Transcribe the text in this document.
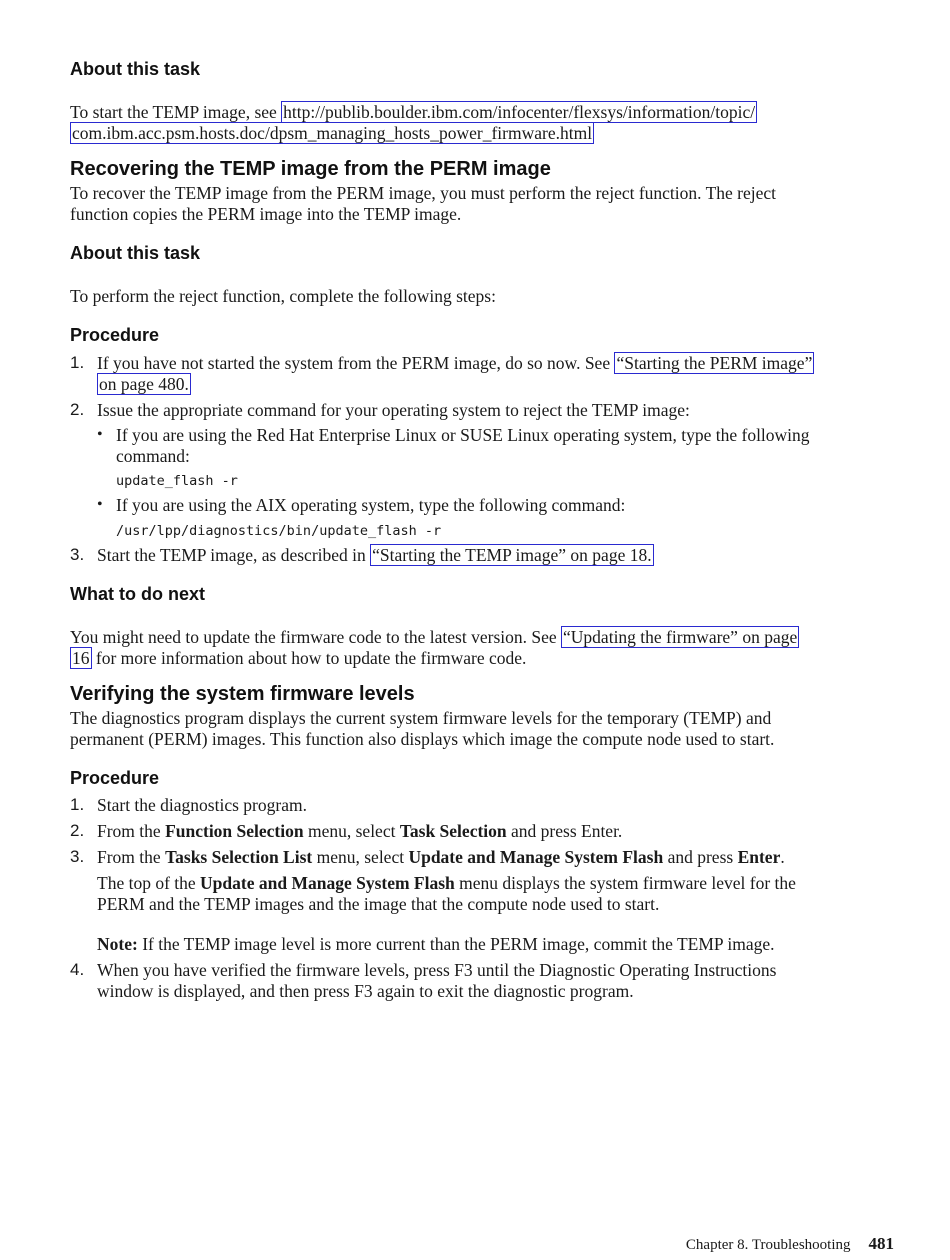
About this task
To start the TEMP image, see http://publib.boulder.ibm.com/infocenter/flexsys/information/topic/
com.ibm.acc.psm.hosts.doc/dpsm_managing_hosts_power_firmware.html
Recovering the TEMP image from the PERM image
To recover the TEMP image from the PERM image, you must perform the reject function. The reject
function copies the PERM image into the TEMP image.
About this task
To perform the reject function, complete the following steps:
Procedure
1. If you have not started the system from the PERM image, do so now. See “Starting the PERM image”
on page 480.
2. Issue the appropriate command for your operating system to reject the TEMP image:
• If you are using the Red Hat Enterprise Linux or SUSE Linux operating system, type the following
command:
update_flash -r
• If you are using the AIX operating system, type the following command:
/usr/lpp/diagnostics/bin/update_flash -r
3. Start the TEMP image, as described in “Starting the TEMP image” on page 18.
What to do next
You might need to update the firmware code to the latest version. See “Updating the firmware” on page
16 for more information about how to update the firmware code.
Verifying the system firmware levels
The diagnostics program displays the current system firmware levels for the temporary (TEMP) and
permanent (PERM) images. This function also displays which image the compute node used to start.
Procedure
1. Start the diagnostics program.
2. From the Function Selection menu, select Task Selection and press Enter.
3. From the Tasks Selection List menu, select Update and Manage System Flash and press Enter.
The top of the Update and Manage System Flash menu displays the system firmware level for the
PERM and the TEMP images and the image that the compute node used to start.
Note: If the TEMP image level is more current than the PERM image, commit the TEMP image.
4. When you have verified the firmware levels, press F3 until the Diagnostic Operating Instructions
window is displayed, and then press F3 again to exit the diagnostic program.
Chapter 8. Troubleshooting 481
